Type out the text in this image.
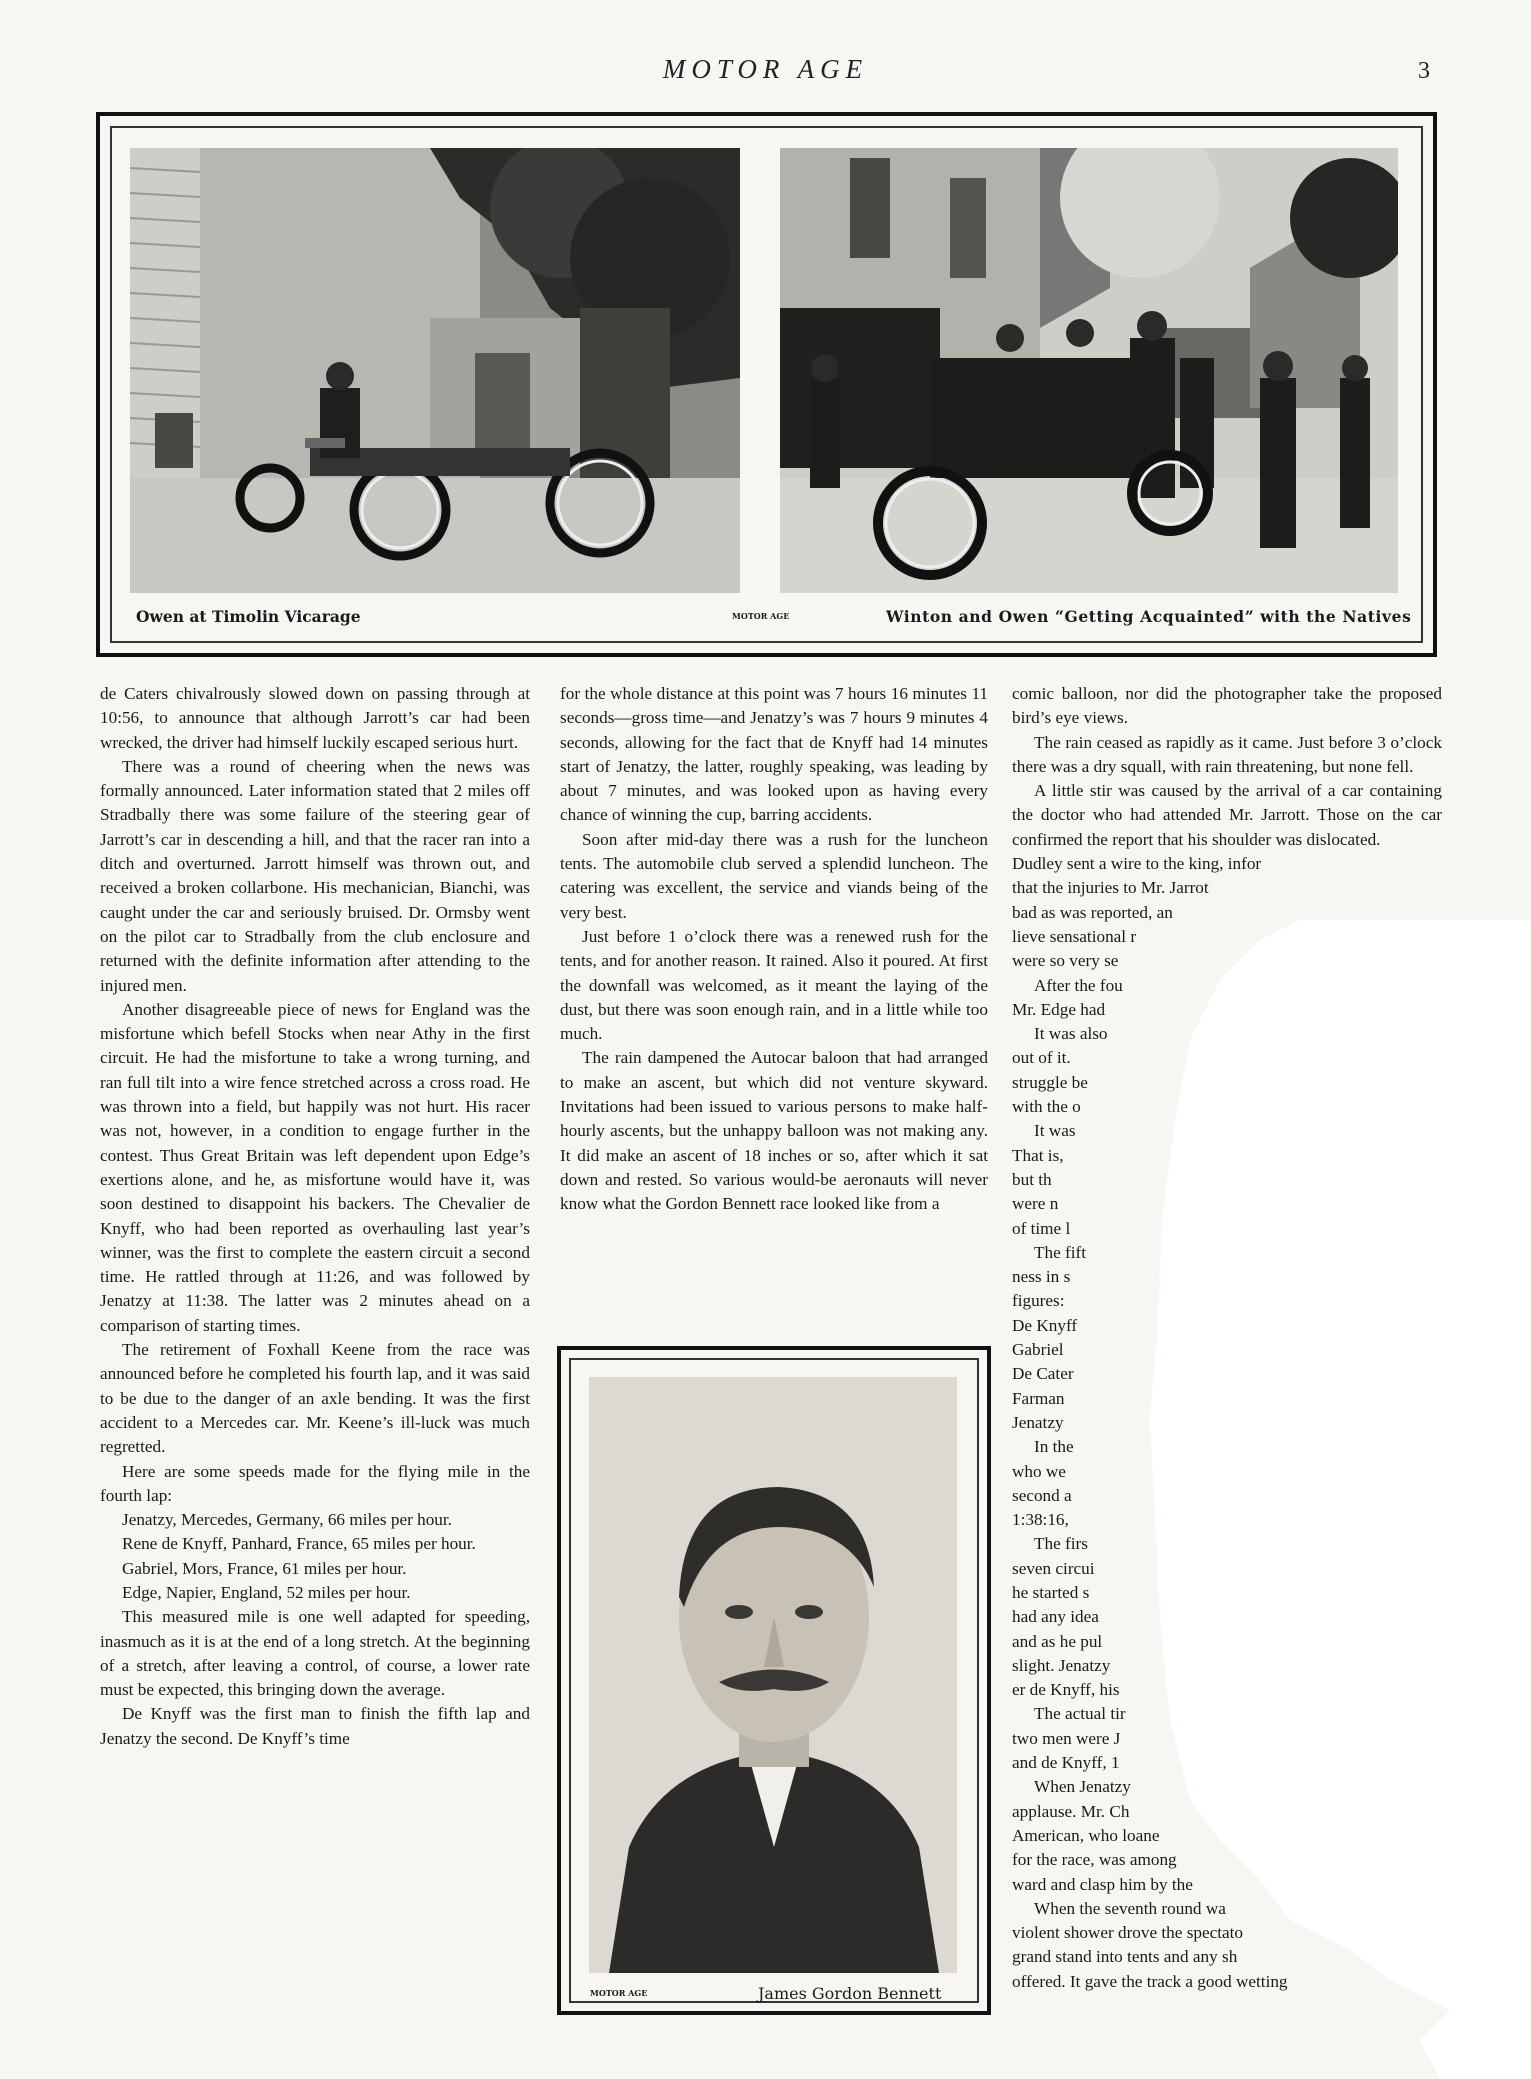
MOTOR AGE	3
Owen at Timolin Vicarage	MOTOR AGE	Winton and Owen “Getting Acquainted” with the Natives

de Caters chivalrously slowed down on passing through at 10:56, to announce that although Jarrott’s car had been wrecked, the driver had himself luckily escaped serious hurt.

There was a round of cheering when the news was formally announced. Later information stated that 2 miles off Stradbally there was some failure of the steering gear of Jarrott’s car in descending a hill, and that the racer ran into a ditch and overturned. Jarrott himself was thrown out, and received a broken collarbone. His mechanician, Bianchi, was caught under the car and seriously bruised. Dr. Ormsby went on the pilot car to Stradbally from the club enclosure and returned with the definite information after attending to the injured men.

Another disagreeable piece of news for England was the misfortune which befell Stocks when near Athy in the first circuit. He had the misfortune to take a wrong turning, and ran full tilt into a wire fence stretched across a cross road. He was thrown into a field, but happily was not hurt. His racer was not, however, in a condition to engage further in the contest. Thus Great Britain was left dependent upon Edge’s exertions alone, and he, as misfortune would have it, was soon destined to disappoint his backers. The Chevalier de Knyff, who had been reported as overhauling last year’s winner, was the first to complete the eastern circuit a second time. He rattled through at 11:26, and was followed by Jenatzy at 11:38. The latter was 2 minutes ahead on a comparison of starting times.

The retirement of Foxhall Keene from the race was announced before he completed his fourth lap, and it was said to be due to the danger of an axle bending. It was the first accident to a Mercedes car. Mr. Keene’s ill-luck was much regretted.

Here are some speeds made for the flying mile in the fourth lap:

Jenatzy, Mercedes, Germany, 66 miles per hour.

Rene de Knyff, Panhard, France, 65 miles per hour.

Gabriel, Mors, France, 61 miles per hour.

Edge, Napier, England, 52 miles per hour.

This measured mile is one well adapted for speeding, inasmuch as it is at the end of a long stretch. At the beginning of a stretch, after leaving a control, of course, a lower rate must be expected, this bringing down the average.

De Knyff was the first man to finish the fifth lap and Jenatzy the second. De Knyff’s time

for the whole distance at this point was 7 hours 16 minutes 11 seconds—gross time—and Jenatzy’s was 7 hours 9 minutes 4 seconds, allowing for the fact that de Knyff had 14 minutes start of Jenatzy, the latter, roughly speaking, was leading by about 7 minutes, and was looked upon as having every chance of winning the cup, barring accidents.

Soon after mid-day there was a rush for the luncheon tents. The automobile club served a splendid luncheon. The catering was excellent, the service and viands being of the very best.

Just before 1 o’clock there was a renewed rush for the tents, and for another reason. It rained. Also it poured. At first the downfall was welcomed, as it meant the laying of the dust, but there was soon enough rain, and in a little while too much.

The rain dampened the Autocar baloon that had arranged to make an ascent, but which did not venture skyward. Invitations had been issued to various persons to make half-hourly ascents, but the unhappy balloon was not making any. It did make an ascent of 18 inches or so, after which it sat down and rested. So various would-be aeronauts will never know what the Gordon Bennett race looked like from a

comic balloon, nor did the photographer take the proposed bird’s eye views.

The rain ceased as rapidly as it came. Just before 3 o’clock there was a dry squall, with rain threatening, but none fell.

A little stir was caused by the arrival of a car containing the doctor who had attended Mr. Jarrott. Those on the car confirmed the report that his shoulder was dislocated.

Dudley sent a wire to the king, infor
that the injuries to Mr. Jarrot
bad as was reported, an
lieve sensational r
were so very se
After the fou
Mr. Edge had
It was also
out of it.
struggle be
with the o
It was
That is,
but th
were n
of time l
The fift
ness in s
figures:
De Knyff
Gabriel
De Cater
Farman
Jenatzy
In the
who we
second a
1:38:16,
The firs
seven circui
he started s
had any idea
and as he pul
slight. Jenatzy
er de Knyff, his
The actual tir
two men were J
and de Knyff, 1
When Jenatzy
applause. Mr. Ch
American, who loane
for the race, was among
ward and clasp him by the
When the seventh round wa
violent shower drove the spectato
grand stand into tents and any sh
offered. It gave the track a good wetting
MOTOR AGE	James Gordon Bennett
